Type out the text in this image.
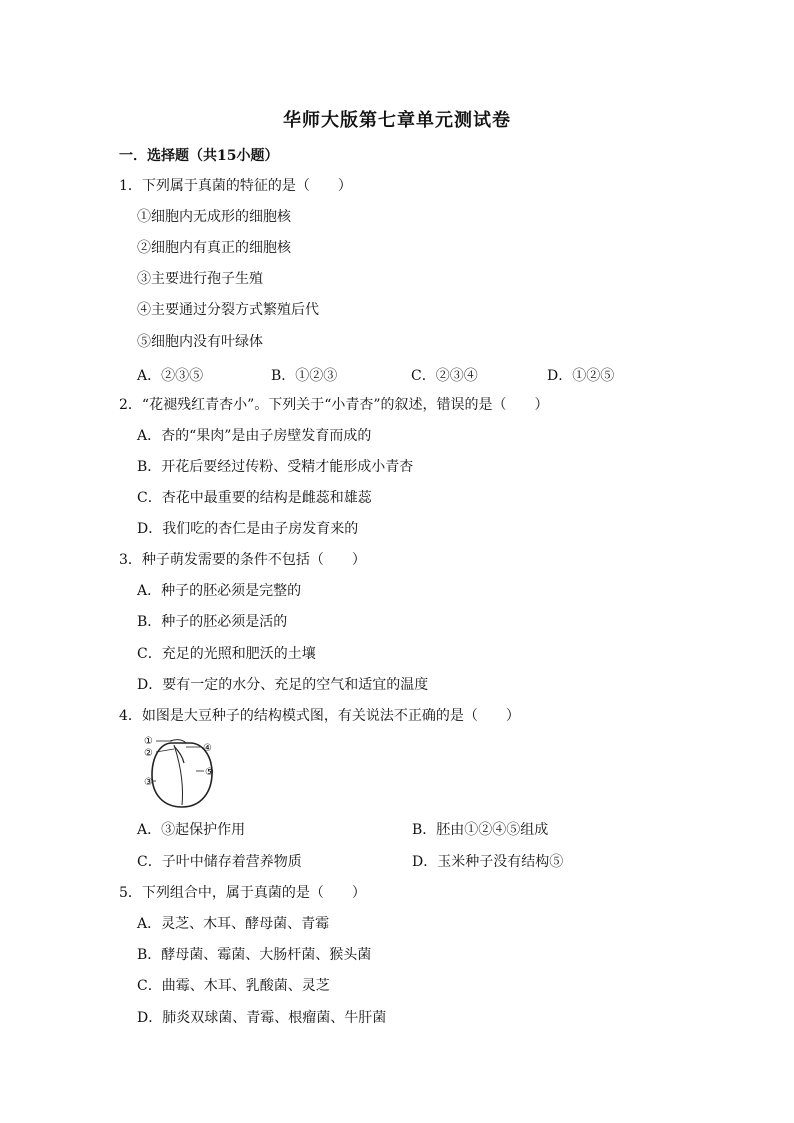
华师大版第七章单元测试卷
一．选择题（共15小题）
1．下列属于真菌的特征的是（　　）
①细胞内无成形的细胞核
②细胞内有真正的细胞核
③主要进行孢子生殖
④主要通过分裂方式繁殖后代
⑤细胞内没有叶绿体
A．②③⑤	B．①②③	C．②③④	D．①②⑤
2．“花褪残红青杏小”。下列关于“小青杏”的叙述，错误的是（　　）
A．杏的“果肉”是由子房壁发育而成的
B．开花后要经过传粉、受精才能形成小青杏
C．杏花中最重要的结构是雌蕊和雄蕊
D．我们吃的杏仁是由子房发育来的
3．种子萌发需要的条件不包括（　　）
A．种子的胚必须是完整的
B．种子的胚必须是活的
C．充足的光照和肥沃的土壤
D．要有一定的水分、充足的空气和适宜的温度
4．如图是大豆种子的结构模式图，有关说法不正确的是（　　）
①
②
③
④
⑤
A．③起保护作用	B．胚由①②④⑤组成
C．子叶中储存着营养物质	D．玉米种子没有结构⑤
5．下列组合中，属于真菌的是（　　）
A．灵芝、木耳、酵母菌、青霉
B．酵母菌、霉菌、大肠杆菌、猴头菌
C．曲霉、木耳、乳酸菌、灵芝
D．肺炎双球菌、青霉、根瘤菌、牛肝菌
